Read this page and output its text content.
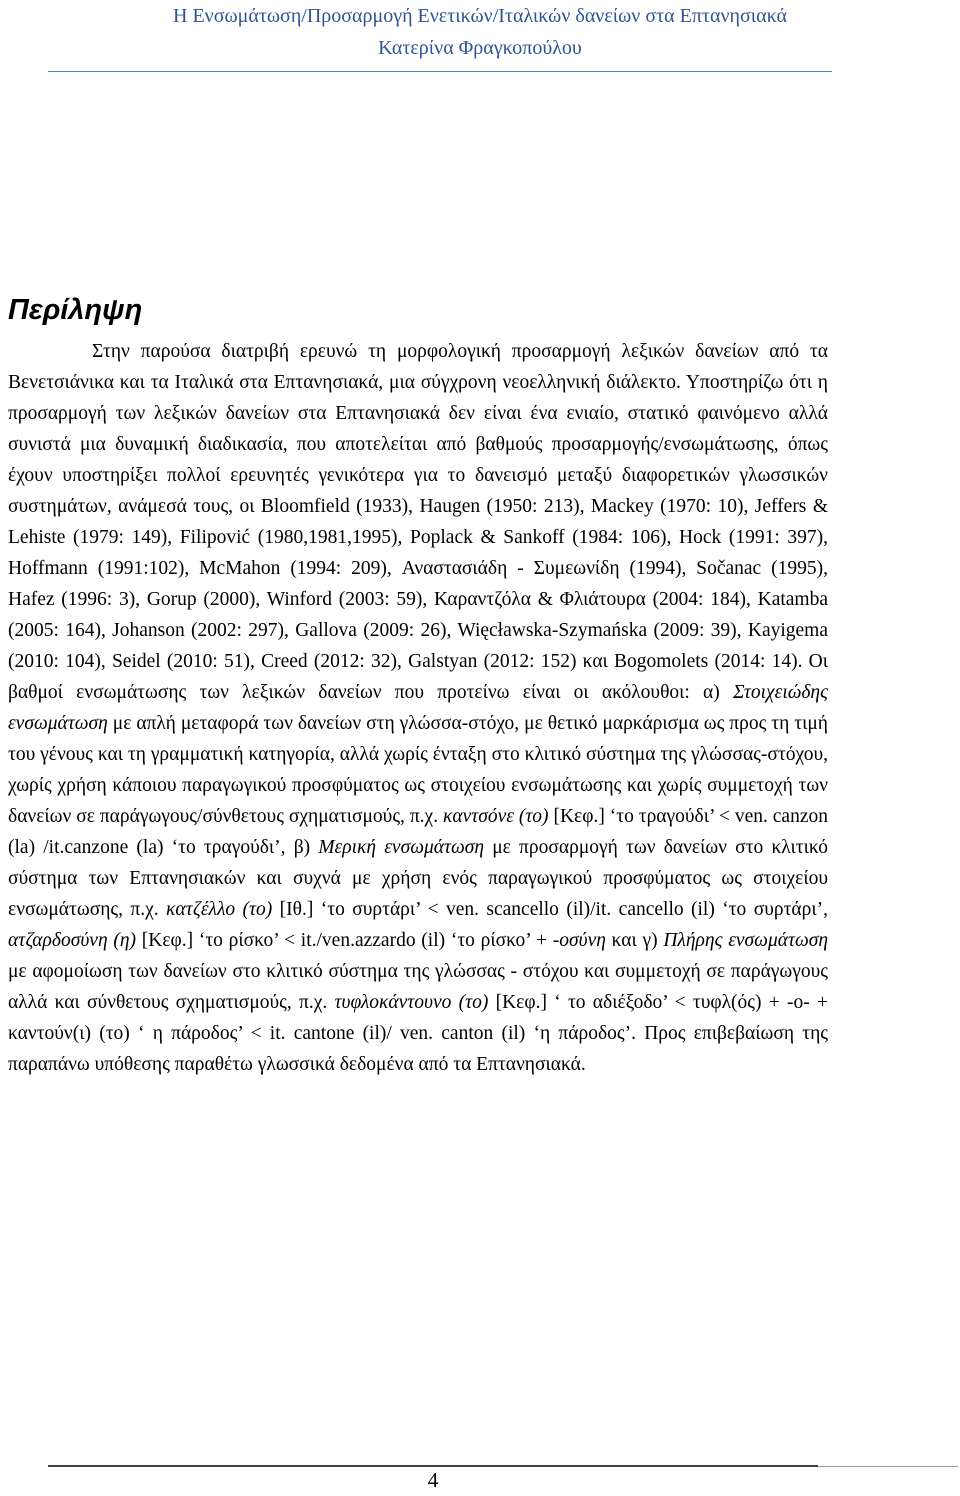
Η Ενσωμάτωση/Προσαρμογή Ενετικών/Ιταλικών δανείων στα Επτανησιακά
Κατερίνα Φραγκοπούλου
Περίληψη

Στην παρούσα διατριβή ερευνώ τη μορφολογική προσαρμογή λεξικών δανείων από τα Βενετσιάνικα και τα Ιταλικά στα Επτανησιακά, μια σύγχρονη νεοελληνική διάλεκτο. Υποστηρίζω ότι η προσαρμογή των λεξικών δανείων στα Επτανησιακά δεν είναι ένα ενιαίο, στατικό φαινόμενο αλλά συνιστά μια δυναμική διαδικασία, που αποτελείται από βαθμούς προσαρμογής/ενσωμάτωσης, όπως έχουν υποστηρίξει πολλοί ερευνητές γενικότερα για το δανεισμό μεταξύ διαφορετικών γλωσσικών συστημάτων, ανάμεσά τους, οι Bloomfield (1933), Haugen (1950: 213), Mackey (1970: 10), Jeffers & Lehiste (1979: 149), Filipović (1980,1981,1995), Poplack & Sankoff (1984: 106), Hock (1991: 397), Hoffmann (1991:102), McMahon (1994: 209), Αναστασιάδη - Συμεωνίδη (1994), Sočanac (1995), Hafez (1996: 3), Gorup (2000), Winford (2003: 59), Καραντζόλα & Φλιάτουρα (2004: 184), Katamba (2005: 164), Johanson (2002: 297), Gallova (2009: 26), Więcławska-Szymańska (2009: 39), Kayigema (2010: 104), Seidel (2010: 51), Creed (2012: 32), Galstyan (2012: 152) και Bogomolets (2014: 14). Οι βαθμοί ενσωμάτωσης των λεξικών δανείων που προτείνω είναι οι ακόλουθοι: α) Στοιχειώδης ενσωμάτωση με απλή μεταφορά των δανείων στη γλώσσα-στόχο, με θετικό μαρκάρισμα ως προς τη τιμή του γένους και τη γραμματική κατηγορία, αλλά χωρίς ένταξη στο κλιτικό σύστημα της γλώσσας-στόχου, χωρίς χρήση κάποιου παραγωγικού προσφύματος ως στοιχείου ενσωμάτωσης και χωρίς συμμετοχή των δανείων σε παράγωγους/σύνθετους σχηματισμούς, π.χ. καντσόνε (το) [Κεφ.] ‘το τραγούδι’ < ven. canzon (la) /it.canzone (la) ‘το τραγούδι’, β) Μερική ενσωμάτωση με προσαρμογή των δανείων στο κλιτικό σύστημα των Επτανησιακών και συχνά με χρήση ενός παραγωγικού προσφύματος ως στοιχείου ενσωμάτωσης, π.χ. κατζέλλο (το) [Ιθ.] ‘το συρτάρι’ < ven. scancello (il)/it. cancello (il) ‘το συρτάρι’, ατζαρδοσύνη (η) [Κεφ.] ‘το ρίσκο’ < it./ven.azzardo (il) ‘το ρίσκο’ + -οσύνη και γ) Πλήρης ενσωμάτωση με αφομοίωση των δανείων στο κλιτικό σύστημα της γλώσσας - στόχου και συμμετοχή σε παράγωγους αλλά και σύνθετους σχηματισμούς, π.χ. τυφλοκάντουνο (το) [Κεφ.] ‘ το αδιέξοδο’ < τυφλ(ός) + -ο- + καντούν(ι) (το) ‘ η πάροδος’ < it. cantone (il)/ ven. canton (il) ‘η πάροδος’. Προς επιβεβαίωση της παραπάνω υπόθεσης παραθέτω γλωσσικά δεδομένα από τα Επτανησιακά.

4
